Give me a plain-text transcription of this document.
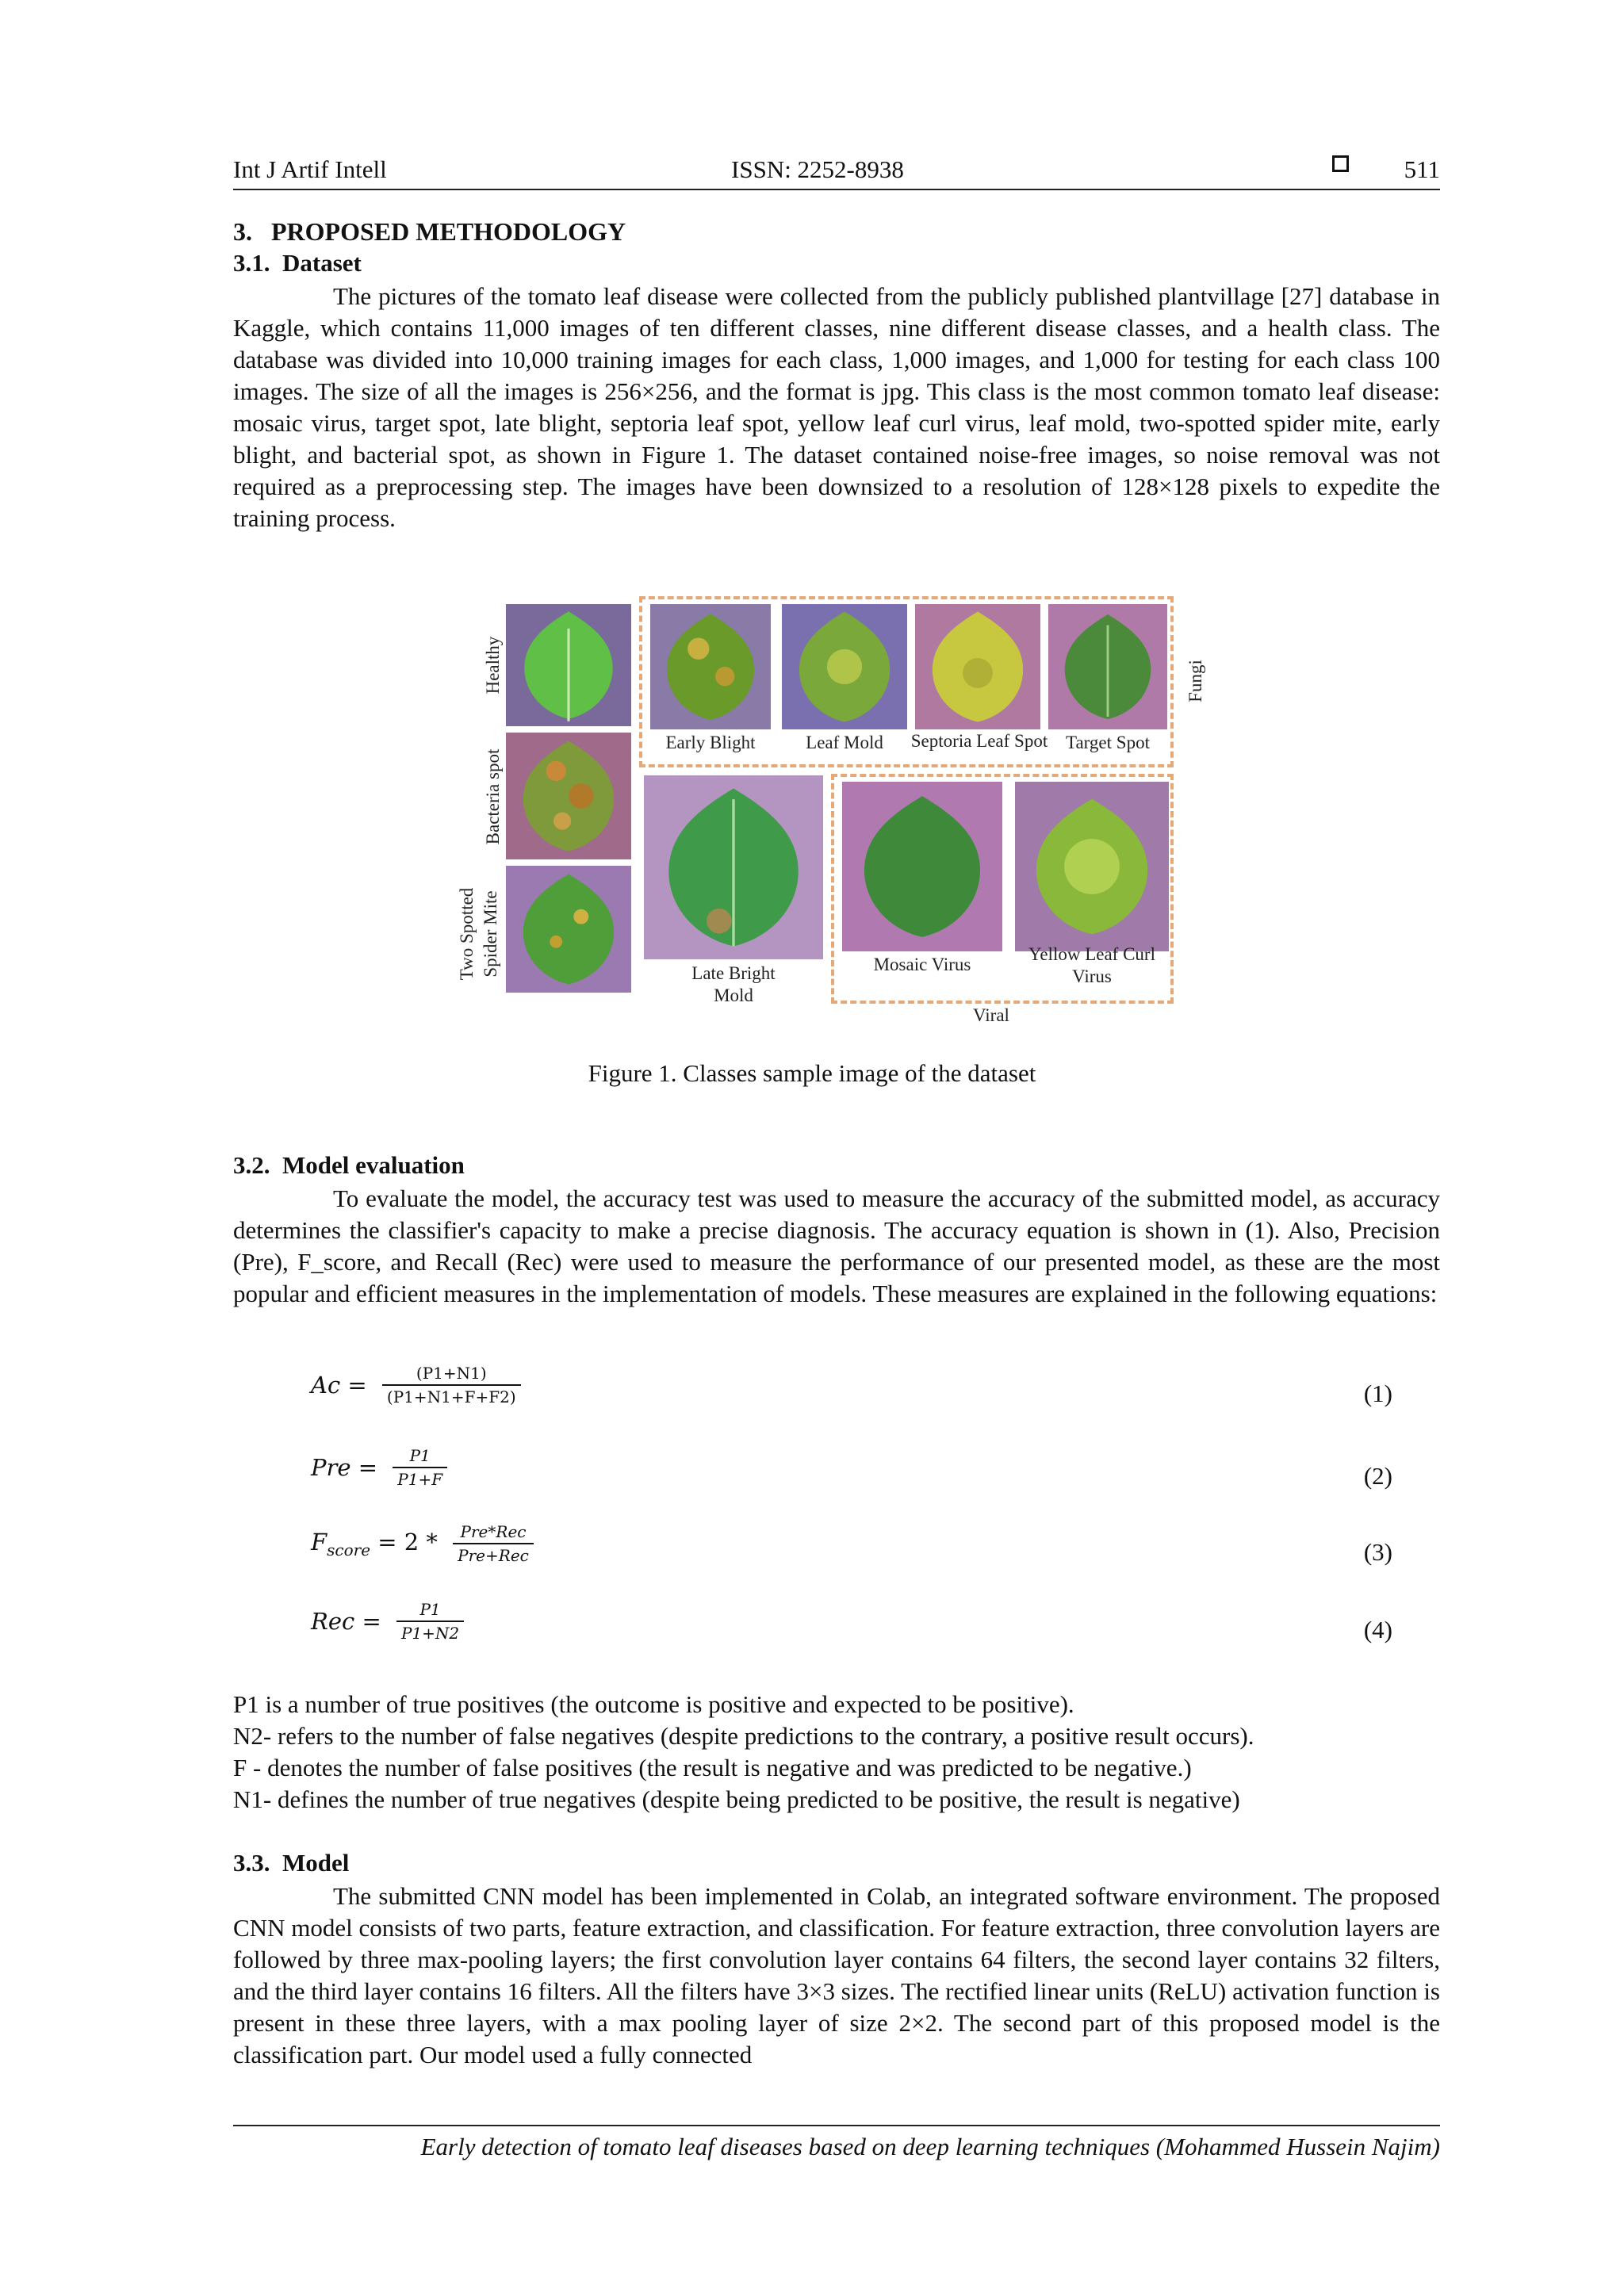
Int J Artif Intell	ISSN: 2252-8938	511
3.   PROPOSED METHODOLOGY
3.1.  Dataset
The pictures of the tomato leaf disease were collected from the publicly published plantvillage [27] database in Kaggle, which contains 11,000 images of ten different classes, nine different disease classes, and a health class. The database was divided into 10,000 training images for each class, 1,000 images, and 1,000 for testing for each class 100 images. The size of all the images is 256×256, and the format is jpg. This class is the most common tomato leaf disease: mosaic virus, target spot, late blight, septoria leaf spot, yellow leaf curl virus, leaf mold, two-spotted spider mite, early blight, and bacterial spot, as shown in Figure 1. The dataset contained noise-free images, so noise removal was not required as a preprocessing step. The images have been downsized to a resolution of 128×128 pixels to expedite the training process.
Early Blight	Leaf Mold	Septoria Leaf Spot Target Spot
Late Bright
Mold
Mosaic Virus
Yellow Leaf Curl
Virus
Viral
Healthy
Bacteria spot
Two Spotted Spider Mite
Fungi
Figure 1. Classes sample image of the dataset
3.2.  Model evaluation
To evaluate the model, the accuracy test was used to measure the accuracy of the submitted model, as accuracy determines the classifier's capacity to make a precise diagnosis. The accuracy equation is shown in (1). Also, Precision (Pre), F_score, and Recall (Rec) were used to measure the performance of our presented model, as these are the most popular and efficient measures in the implementation of models. These measures are explained in the following equations:
$Ac = \frac{(P1+N1)}{(P1+N1+F+F2)}$	(1)
Pre = $\frac{P1}{P1+F}$	(2)
$F_{score} = 2 * \frac{\text{Pre*Rec}}{\text{Pre+Rec}}$	(3)
Rec = $\frac{P1}{P1+N2}$	(4)
P1 is a number of true positives (the outcome is positive and expected to be positive).
N2- refers to the number of false negatives (despite predictions to the contrary, a positive result occurs).
F - denotes the number of false positives (the result is negative and was predicted to be negative.)
N1- defines the number of true negatives (despite being predicted to be positive, the result is negative)
3.3.  Model
The submitted CNN model has been implemented in Colab, an integrated software environment. The proposed CNN model consists of two parts, feature extraction, and classification. For feature extraction, three convolution layers are followed by three max-pooling layers; the first convolution layer contains 64 filters, the second layer contains 32 filters, and the third layer contains 16 filters. All the filters have 3×3 sizes. The rectified linear units (ReLU) activation function is present in these three layers, with a max pooling layer of size 2×2. The second part of this proposed model is the classification part. Our model used a fully connected
Early detection of tomato leaf diseases based on deep learning techniques (Mohammed Hussein Najim)
